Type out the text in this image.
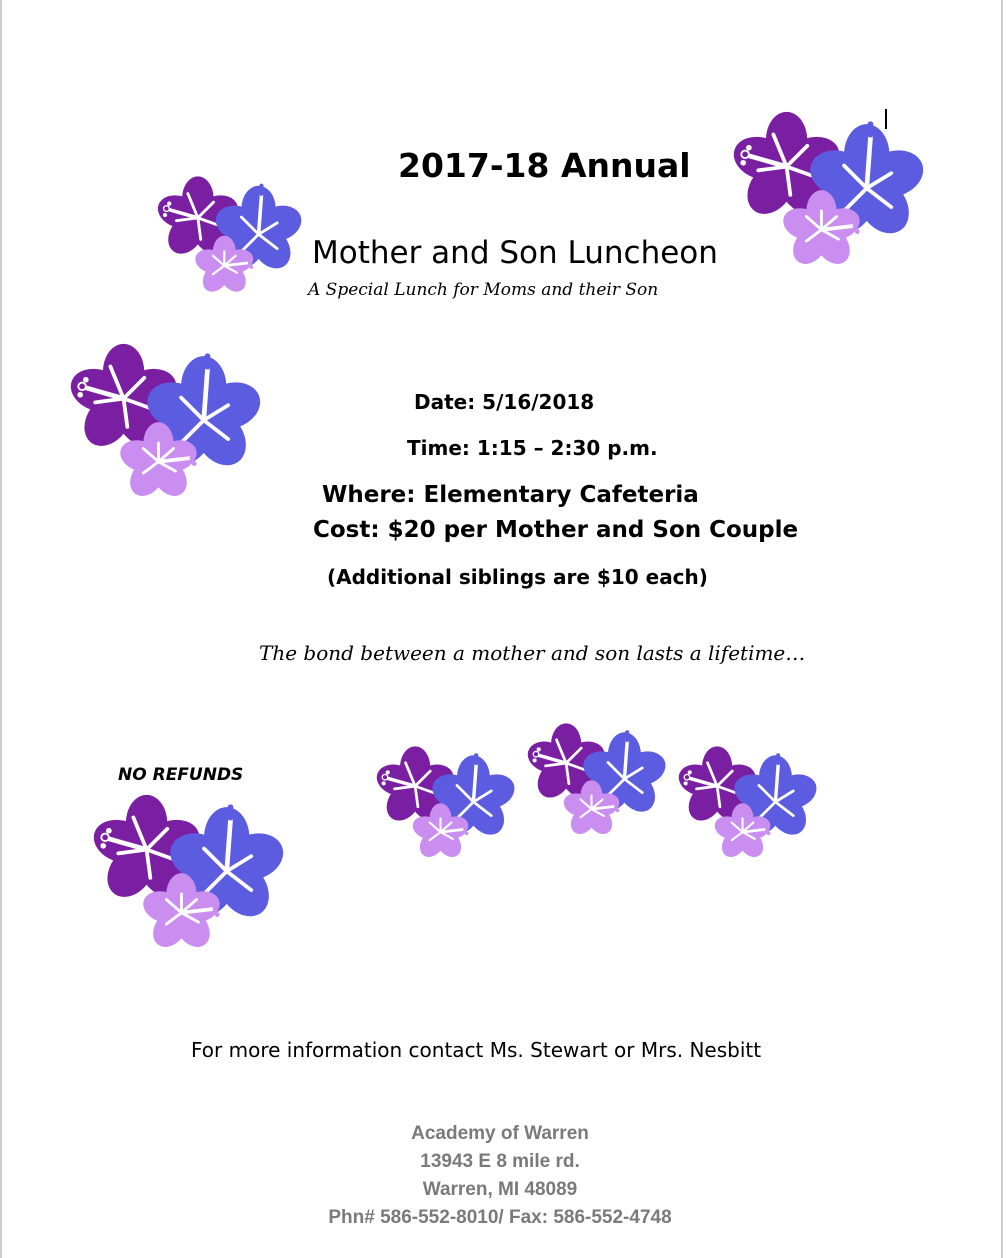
2017-18 Annual
Mother and Son Luncheon
A Special Lunch for Moms and their Son
Date: 5/16/2018
Time: 1:15 – 2:30 p.m.
Where: Elementary Cafeteria
Cost: $20 per Mother and Son Couple
(Additional siblings are $10 each)
The bond between a mother and son lasts a lifetime…
NO REFUNDS
For more information contact Ms. Stewart or Mrs. Nesbitt
Academy of Warren
13943 E 8 mile rd.
Warren, MI 48089
Phn# 586-552-8010/ Fax: 586-552-4748
